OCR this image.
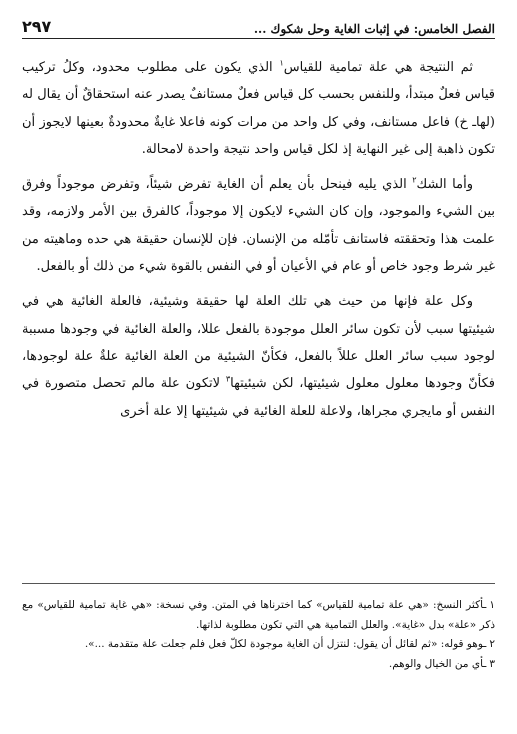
الفصل الخامس: في إثبات الغاية وحل شكوك ...
٢٩٧

ثم النتيجة هي علة تمامية للقياس$^١$ الذي يكون على مطلوب محدود، وكلُ تركيب قياس فعلٌ مبتدأ، وللنفس بحسب كل قياس فعلٌ مستانفٌ يصدر عنه استحقاقٌ أن يقال له (لهاـ خ) فاعل مستانف، وفي كل واحد من مرات كونه فاعلا غايةٌ محدودةٌ بعينها لايجوز أن تكون ذاهبة إلى غير النهاية إذ لكل قياس واحد نتيجة واحدة لامحالة.

وأما الشك$^٢$ الذي يليه فينحل بأن يعلم أن الغاية تفرض شيئاً، وتفرض موجوداً وفرق بين الشيء والموجود، وإن كان الشيء لايكون إلا موجوداً، كالفرق بين الأمر ولازمه، وقد علمت هذا وتحققته فاستانف تأمّله من الإنسان. فإن للإنسان حقيقة هي حده وماهيته من غير شرط وجود خاص أو عام في الأعيان أو في النفس بالقوة شيء من ذلك أو بالفعل.

وكل علة فإنها من حيث هي تلك العلة لها حقيقة وشيئية، فالعلة الغائية هي في شيئيتها سبب لأن تكون سائر العلل موجودة بالفعل عللا، والعلة الغائية في وجودها مسببة لوجود سبب سائر العلل عللاً بالفعل، فكأنّ الشيئية من العلة الغائية علةٌ علة لوجودها، فكأنّ وجودها معلول معلول شيئيتها، لكن شيئيتها$^٣$ لاتكون علة مالم تحصل متصورة في النفس أو مايجري مجراها، ولاعلة للعلة الغائية في شيئيتها إلا علة أخرى

١ـأكثر النسخ: «هي علة تمامية للقياس» كما اخترناها في المتن. وفي نسخة: «هي غاية تمامية للقياس» مع ذكر «علة» بدل «غاية». والعلل التمامية هي التي تكون مطلوبة لذاتها.

٢ـوهو قوله: «ثم لقائل أن يقول: لنتزل أن الغاية موجودة لكلّ فعل فلم جعلت علة متقدمة ...».

٣ـأي من الخيال والوهم.
